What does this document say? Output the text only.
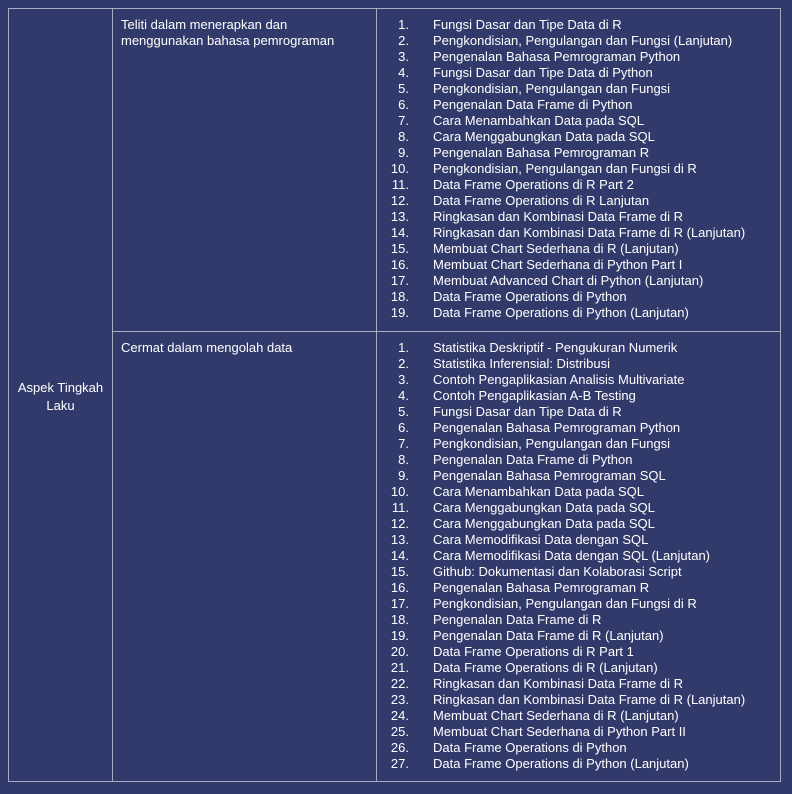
Aspek Tingkah Laku
Teliti dalam menerapkan dan
menggunakan bahasa pemrograman
1. Fungsi Dasar dan Tipe Data di R
2. Pengkondisian, Pengulangan dan Fungsi (Lanjutan)
3. Pengenalan Bahasa Pemrograman Python
4. Fungsi Dasar dan Tipe Data di Python
5. Pengkondisian, Pengulangan dan Fungsi
6. Pengenalan Data Frame di Python
7. Cara Menambahkan Data pada SQL
8. Cara Menggabungkan Data pada SQL
9. Pengenalan Bahasa Pemrograman R
10. Pengkondisian, Pengulangan dan Fungsi di R
11. Data Frame Operations di R Part 2
12. Data Frame Operations di R Lanjutan
13. Ringkasan dan Kombinasi Data Frame di R
14. Ringkasan dan Kombinasi Data Frame di R (Lanjutan)
15. Membuat Chart Sederhana di R (Lanjutan)
16. Membuat Chart Sederhana di Python Part I
17. Membuat Advanced Chart di Python (Lanjutan)
18. Data Frame Operations di Python
19. Data Frame Operations di Python (Lanjutan)
Cermat dalam mengolah data	1. Statistika Deskriptif - Pengukuran Numerik
2. Statistika Inferensial: Distribusi
3. Contoh Pengaplikasian Analisis Multivariate
4. Contoh Pengaplikasian A-B Testing
5. Fungsi Dasar dan Tipe Data di R
6. Pengenalan Bahasa Pemrograman Python
7. Pengkondisian, Pengulangan dan Fungsi
8. Pengenalan Data Frame di Python
9. Pengenalan Bahasa Pemrograman SQL
10. Cara Menambahkan Data pada SQL
11. Cara Menggabungkan Data pada SQL
12. Cara Menggabungkan Data pada SQL
13. Cara Memodifikasi Data dengan SQL
14. Cara Memodifikasi Data dengan SQL (Lanjutan)
15. Github: Dokumentasi dan Kolaborasi Script
16. Pengenalan Bahasa Pemrograman R
17. Pengkondisian, Pengulangan dan Fungsi di R
18. Pengenalan Data Frame di R
19. Pengenalan Data Frame di R (Lanjutan)
20. Data Frame Operations di R Part 1
21. Data Frame Operations di R (Lanjutan)
22. Ringkasan dan Kombinasi Data Frame di R
23. Ringkasan dan Kombinasi Data Frame di R (Lanjutan)
24. Membuat Chart Sederhana di R (Lanjutan)
25. Membuat Chart Sederhana di Python Part II
26. Data Frame Operations di Python
27. Data Frame Operations di Python (Lanjutan)
